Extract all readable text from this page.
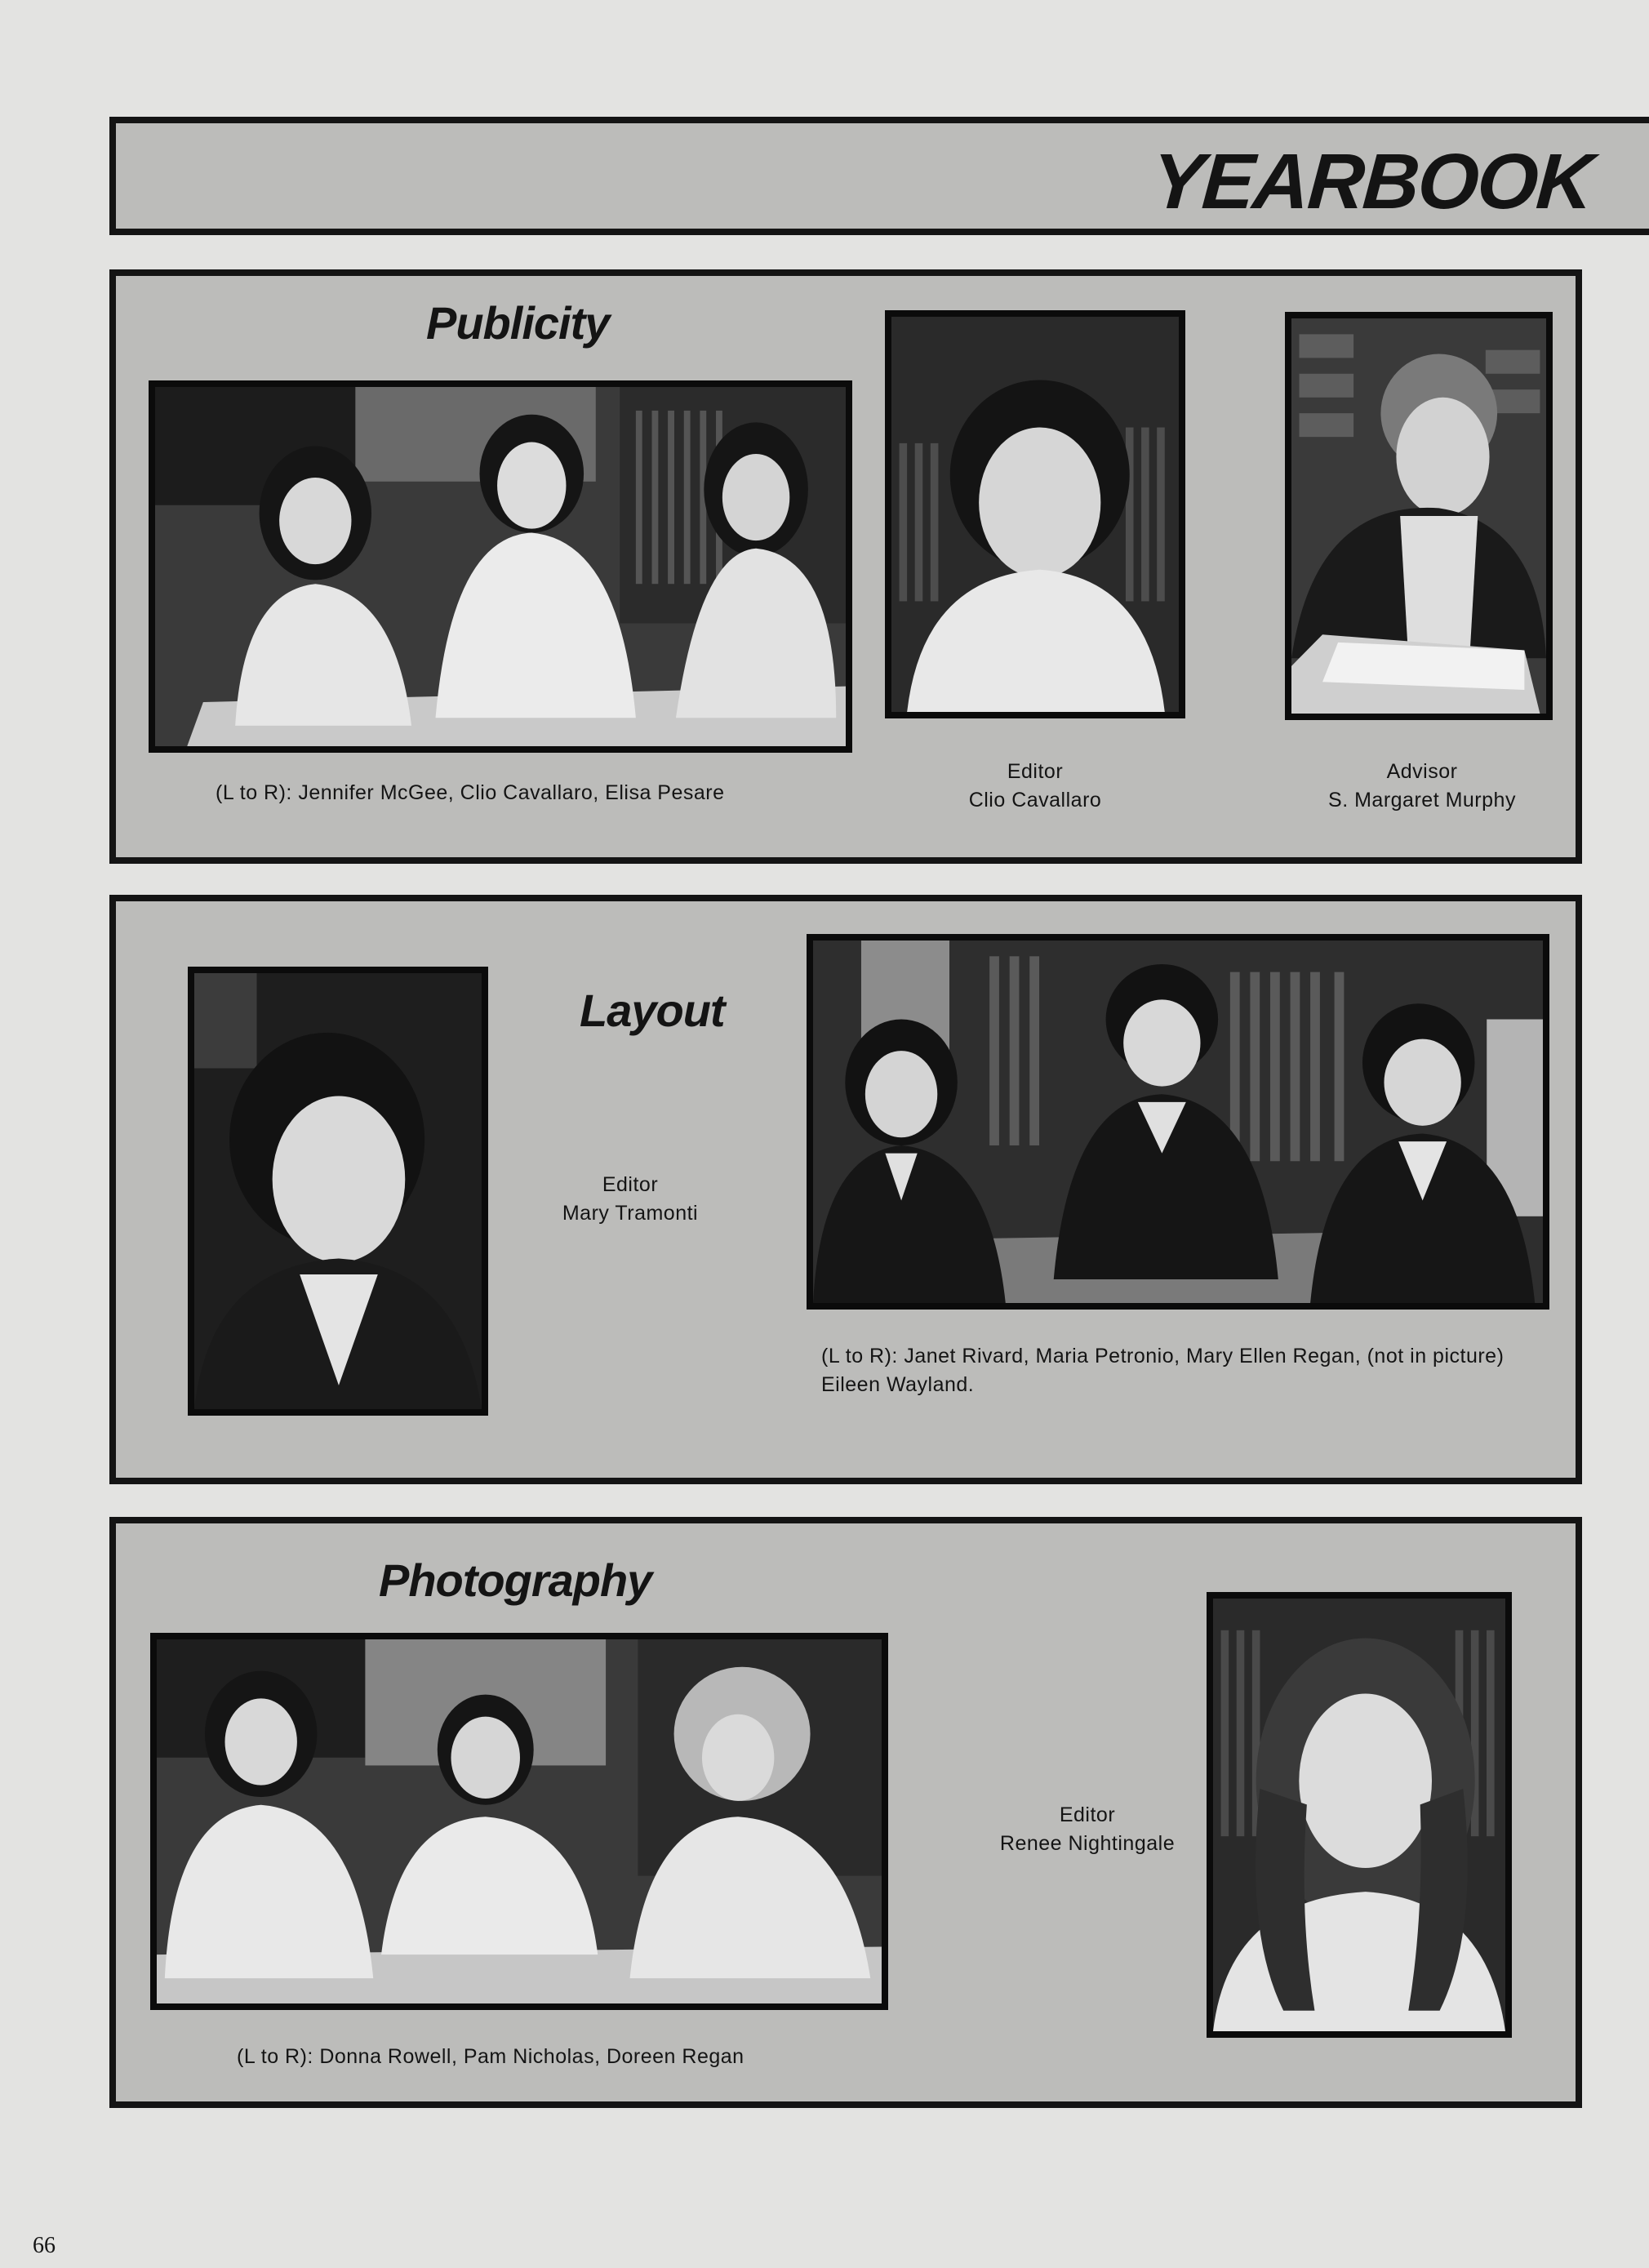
YEARBOOK
Publicity
(L to R): Jennifer McGee, Clio Cavallaro, Elisa Pesare
Editor
Clio Cavallaro
Advisor
S. Margaret Murphy
Layout
Editor
Mary Tramonti
(L to R): Janet Rivard, Maria Petronio, Mary Ellen Regan, (not in picture)
Eileen Wayland.
Photography
(L to R): Donna Rowell, Pam Nicholas, Doreen Regan
Editor
Renee Nightingale
66
